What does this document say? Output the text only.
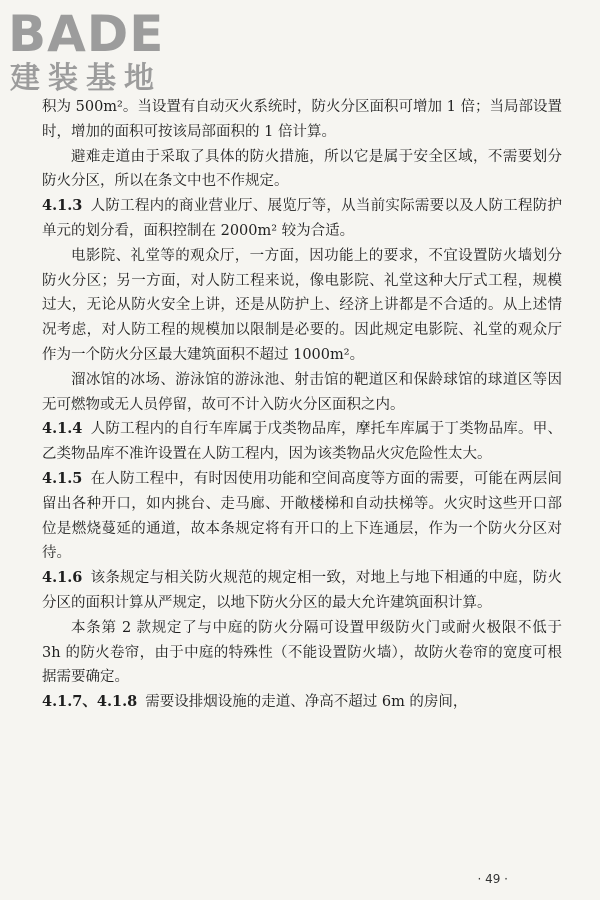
BADE
建装基地

积为 500m²。当设置有自动灭火系统时，防火分区面积可增加 1 倍；当局部设置时，增加的面积可按该局部面积的 1 倍计算。

避难走道由于采取了具体的防火措施，所以它是属于安全区域，不需要划分防火分区，所以在条文中也不作规定。

4.1.3 人防工程内的商业营业厅、展览厅等，从当前实际需要以及人防工程防护单元的划分看，面积控制在 2000m² 较为合适。

电影院、礼堂等的观众厅，一方面，因功能上的要求，不宜设置防火墙划分防火分区；另一方面，对人防工程来说，像电影院、礼堂这种大厅式工程，规模过大，无论从防火安全上讲，还是从防护上、经济上讲都是不合适的。从上述情况考虑，对人防工程的规模加以限制是必要的。因此规定电影院、礼堂的观众厅作为一个防火分区最大建筑面积不超过 1000m²。

溜冰馆的冰场、游泳馆的游泳池、射击馆的靶道区和保龄球馆的球道区等因无可燃物或无人员停留，故可不计入防火分区面积之内。

4.1.4 人防工程内的自行车库属于戊类物品库，摩托车库属于丁类物品库。甲、乙类物品库不准许设置在人防工程内，因为该类物品火灾危险性太大。

4.1.5 在人防工程中，有时因使用功能和空间高度等方面的需要，可能在两层间留出各种开口，如内挑台、走马廊、开敞楼梯和自动扶梯等。火灾时这些开口部位是燃烧蔓延的通道，故本条规定将有开口的上下连通层，作为一个防火分区对待。

4.1.6 该条规定与相关防火规范的规定相一致，对地上与地下相通的中庭，防火分区的面积计算从严规定，以地下防火分区的最大允许建筑面积计算。

本条第 2 款规定了与中庭的防火分隔可设置甲级防火门或耐火极限不低于 3h 的防火卷帘，由于中庭的特殊性（不能设置防火墙），故防火卷帘的宽度可根据需要确定。

4.1.7、4.1.8 需要设排烟设施的走道、净高不超过 6m 的房间，

· 49 ·
